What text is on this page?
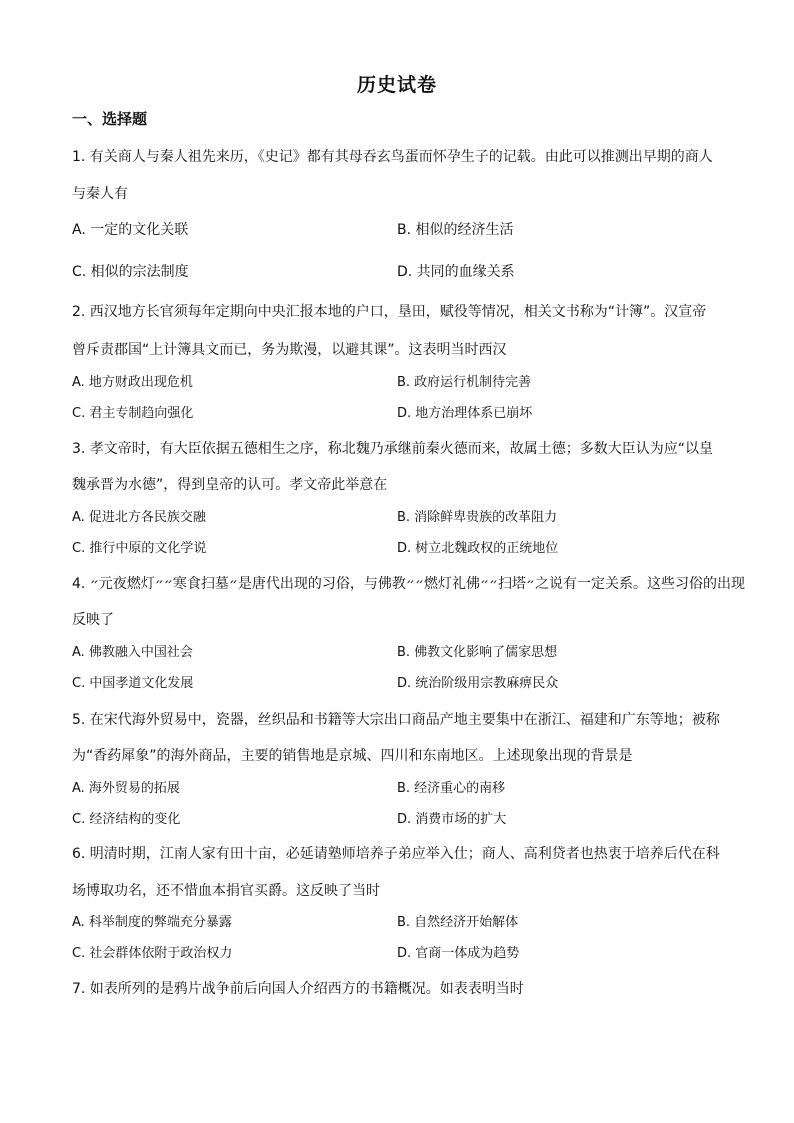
历史试卷
一、选择题
1. 有关商人与秦人祖先来历，《史记》都有其母吞玄鸟蛋而怀孕生子的记载。由此可以推测出早期的商人
与秦人有
A. 一定的文化关联	B. 相似的经济生活
C. 相似的宗法制度	D. 共同的血缘关系
2. 西汉地方长官须每年定期向中央汇报本地的户口，垦田，赋役等情况，相关文书称为“计簿”。汉宣帝
曾斥责郡国“上计簿具文而已，务为欺漫，以避其课”。这表明当时西汉
A. 地方财政出现危机	B. 政府运行机制待完善
C. 君主专制趋向强化	D. 地方治理体系已崩坏
3. 孝文帝时，有大臣依据五德相生之序，称北魏乃承继前秦火德而来，故属土德；多数大臣认为应“以皇
魏承晋为水德”，得到皇帝的认可。孝文帝此举意在
A. 促进北方各民族交融	B. 消除鲜卑贵族的改革阻力
C. 推行中原的文化学说	D. 树立北魏政权的正统地位
4. ״元夜燃灯״״寒食扫墓״是唐代出现的习俗，与佛教״״燃灯礼佛״״扫塔״之说有一定关系。这些习俗的出现
反映了
A. 佛教融入中国社会	B. 佛教文化影响了儒家思想
C. 中国孝道文化发展	D. 统治阶级用宗教麻痹民众
5. 在宋代海外贸易中，瓷器，丝织品和书籍等大宗出口商品产地主要集中在浙江、福建和广东等地；被称
为“香药犀象”的海外商品，主要的销售地是京城、四川和东南地区。上述现象出现的背景是
A. 海外贸易的拓展	B. 经济重心的南移
C. 经济结构的变化	D. 消费市场的扩大
6. 明清时期，江南人家有田十亩，必延请塾师培养子弟应举入仕；商人、高利贷者也热衷于培养后代在科
场博取功名，还不惜血本捐官买爵。这反映了当时
A. 科举制度的弊端充分暴露	B. 自然经济开始解体
C. 社会群体依附于政治权力	D. 官商一体成为趋势
7. 如表所列的是鸦片战争前后向国人介绍西方的书籍概况。如表表明当时
